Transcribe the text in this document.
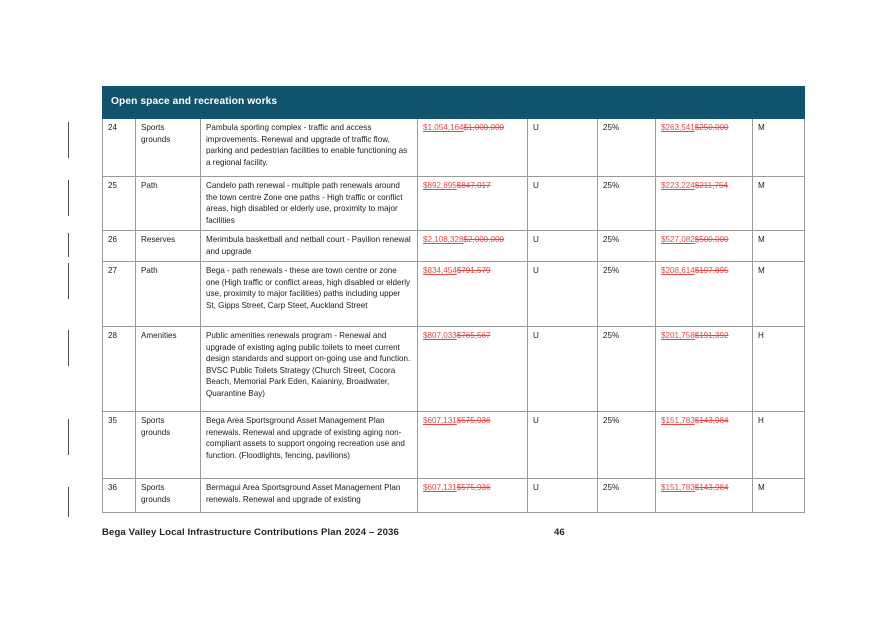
Open space and recreation works							
24	Sports grounds	Pambula sporting complex - traffic and access improvements. Renewal and upgrade of traffic flow, parking and pedestrian facilities to enable functioning as a regional facility.	$1,054,164$1,000,000	U	25%	$263,541$250,000	M
25	Path	Candelo path renewal - multiple path renewals around the town centre Zone one paths - High traffic or conflict areas, high disabled or elderly use, proximity to major facilities	$892,895$847,017	U	25%	$223,224$211,754	M
26	Reserves	Merimbula basketball and netball court - Pavilion renewal and upgrade	$2,108,328$2,000,000	U	25%	$527,082$500,000	M
27	Path	Bega - path renewals - these are town centre or zone one (High traffic or conflict areas, high disabled or elderly use, proximity to major facilities) paths including upper St, Gipps Street, Carp Steet, Auckland Street	$834,454$791,579	U	25%	$208,614$197,895	M
28	Amenities	Public amenities renewals program - Renewal and upgrade of existing aging public toilets to meet current design standards and support on-going use and function. BVSC Public Toilets Strategy (Church Street, Cocora Beach, Memorial Park Eden, Kaianiny, Broadwater, Quarantine Bay)	$807,033$765,567	U	25%	$201,758$191,392	H
35	Sports grounds	Bega Area Sportsground Asset Management Plan renewals. Renewal and upgrade of existing aging non-compliant assets to support ongoing recreation use and function. (Floodlights, fencing, pavilions)	$607,131$575,936	U	25%	$151,783$143,984	H
36	Sports grounds	Bermagui Area Sportsground Asset Management Plan renewals. Renewal and upgrade of existing	$607,131$575,936	U	25%	$151,783$143,984	M
Bega Valley Local Infrastructure Contributions Plan 2024 – 2036	46
